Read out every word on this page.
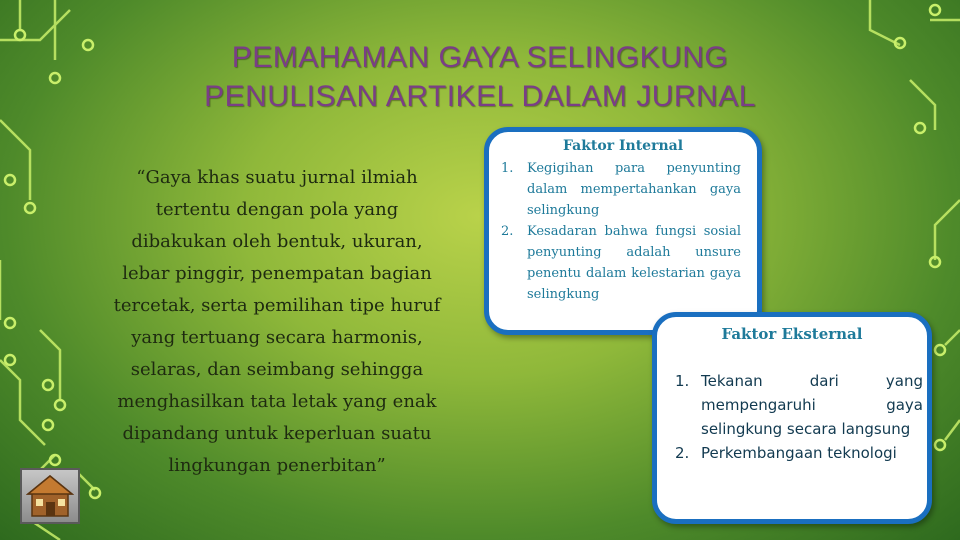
PEMAHAMAN GAYA SELINGKUNG
PENULISAN ARTIKEL DALAM JURNAL
“Gaya khas suatu jurnal ilmiah tertentu dengan pola yang dibakukan oleh bentuk, ukuran, lebar pinggir, penempatan bagian tercetak, serta pemilihan tipe huruf yang tertuang secara harmonis, selaras, dan seimbang sehingga menghasilkan tata letak yang enak dipandang untuk keperluan suatu lingkungan penerbitan”
Faktor Internal
1. Kegigihan para penyunting dalam mempertahankan gaya selingkung
2. Kesadaran bahwa fungsi sosial penyunting adalah unsure penentu dalam kelestarian gaya selingkung
Faktor Eksternal
1. Tekanan dari yang mempengaruhi gaya selingkung secara langsung
2. Perkembangaan teknologi
